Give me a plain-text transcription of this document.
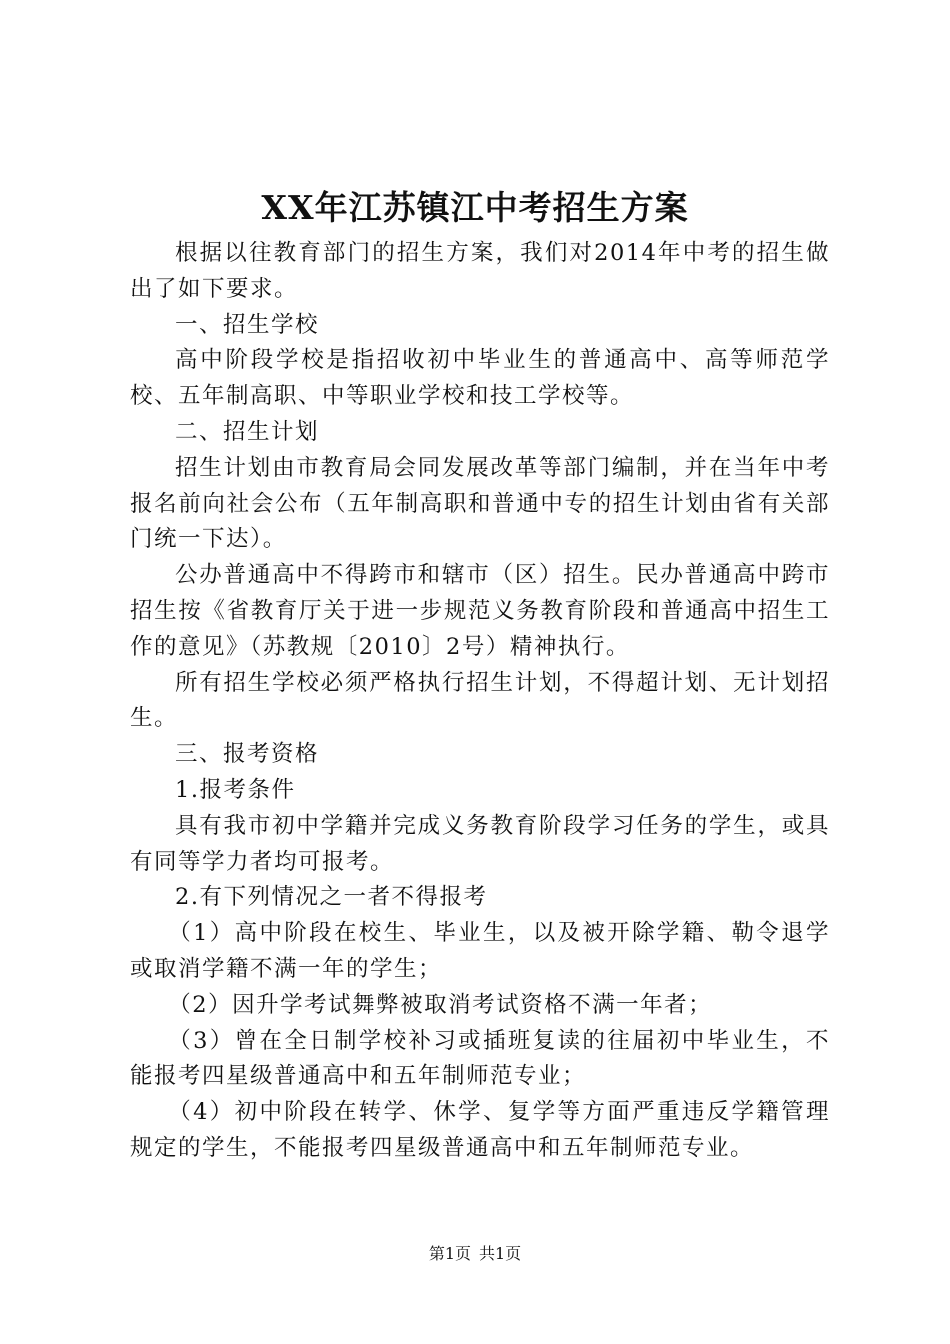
XX年江苏镇江中考招生方案

根据以往教育部门的招生方案，我们对2014年中考的招生做出了如下要求。

一、招生学校

高中阶段学校是指招收初中毕业生的普通高中、高等师范学校、五年制高职、中等职业学校和技工学校等。

二、招生计划

招生计划由市教育局会同发展改革等部门编制，并在当年中考报名前向社会公布（五年制高职和普通中专的招生计划由省有关部门统一下达）。

公办普通高中不得跨市和辖市（区）招生。民办普通高中跨市招生按《省教育厅关于进一步规范义务教育阶段和普通高中招生工作的意见》（苏教规〔2010〕2号）精神执行。

所有招生学校必须严格执行招生计划，不得超计划、无计划招生。

三、报考资格

1.报考条件

具有我市初中学籍并完成义务教育阶段学习任务的学生，或具有同等学力者均可报考。

2.有下列情况之一者不得报考

（1）高中阶段在校生、毕业生，以及被开除学籍、勒令退学或取消学籍不满一年的学生；

（2）因升学考试舞弊被取消考试资格不满一年者；

（3）曾在全日制学校补习或插班复读的往届初中毕业生，不能报考四星级普通高中和五年制师范专业；

（4）初中阶段在转学、休学、复学等方面严重违反学籍管理规定的学生，不能报考四星级普通高中和五年制师范专业。

第1页 共1页
